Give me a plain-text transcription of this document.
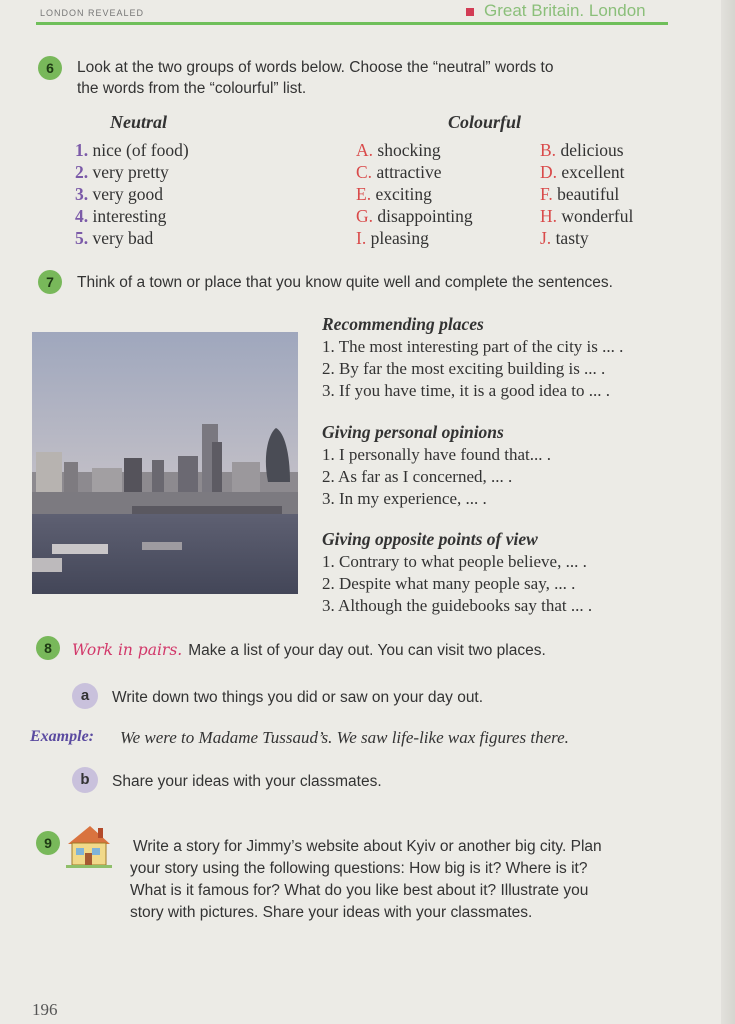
LONDON REVEALED	Great Britain. London
6	Look at the two groups of words below. Choose the “neutral” words to
the words from the “colourful” list.
Neutral	Colourful
1. nice (of food)
2. very pretty
3. very good
4. interesting
5. very bad
A. shocking
C. attractive
E. exciting
G. disappointing
I. pleasing
B. delicious
D. excellent
F. beautiful
H. wonderful
J. tasty
7	Think of a town or place that you know quite well and complete the sentences.
Recommending places
1. The most interesting part of the city is ... .
2. By far the most exciting building is ... .
3. If you have time, it is a good idea to ... .
Giving personal opinions
1. I personally have found that... .
2. As far as I concerned, ... .
3. In my experience, ... .
Giving opposite points of view
1. Contrary to what people believe, ... .
2. Despite what many people say, ... .
3. Although the guidebooks say that ... .
8	Work in pairs. Make a list of your day out. You can visit two places.
a	Write down two things you did or saw on your day out.
Example: We were to Madame Tussaud’s. We saw life-like wax figures there.
b	Share your ideas with your classmates.
9	Write a story for Jimmy’s website about Kyiv or another big city. Plan
your story using the following questions: How big is it? Where is it?
What is it famous for? What do you like best about it? Illustrate you
story with pictures. Share your ideas with your classmates.
196
